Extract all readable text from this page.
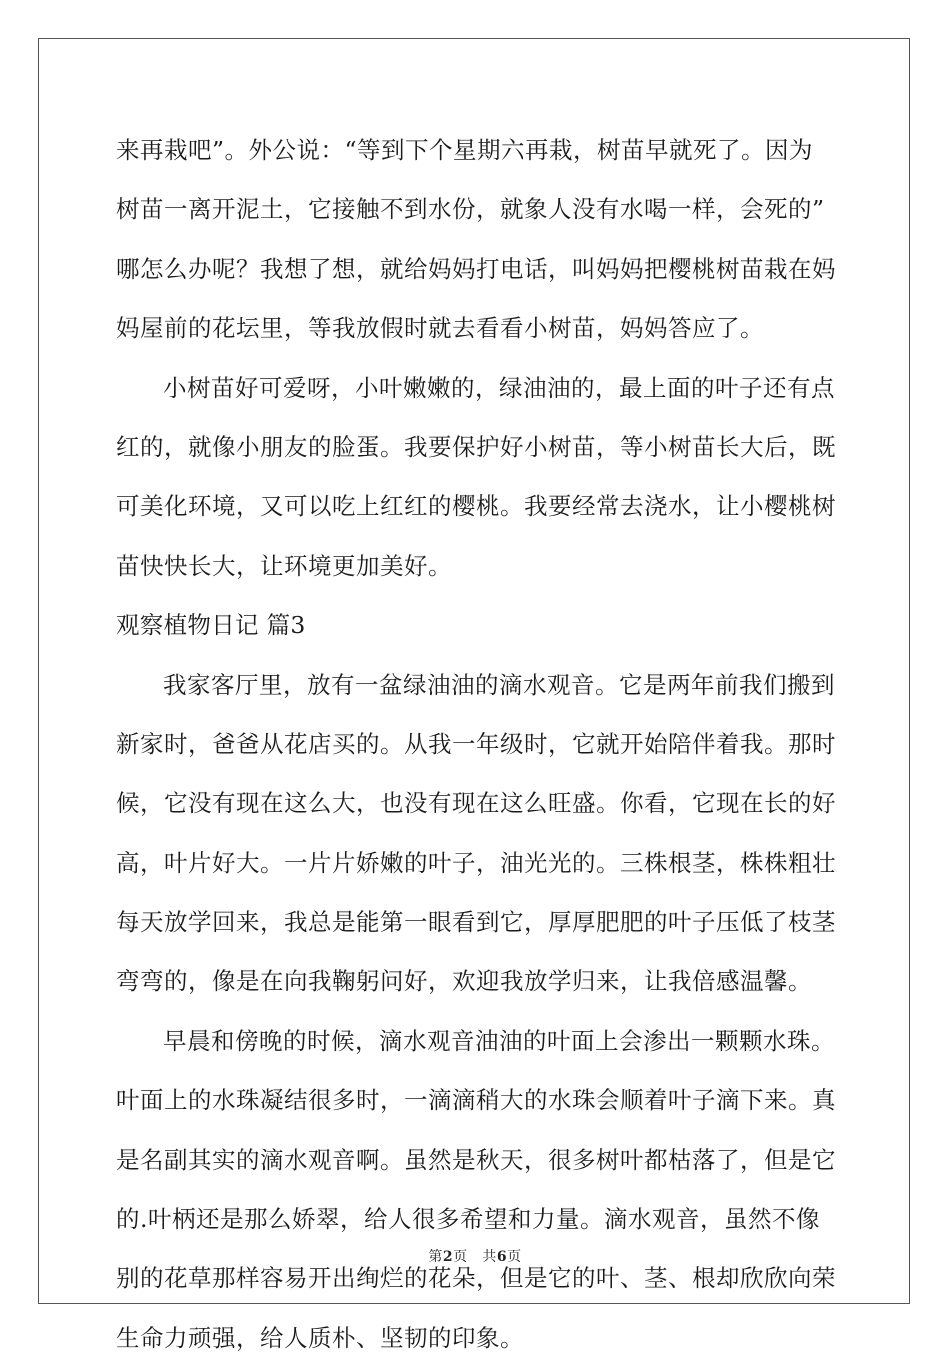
来再栽吧”。外公说：“等到下个星期六再栽，树苗早就死了。因为
树苗一离开泥土，它接触不到水份，就象人没有水喝一样，会死的”
哪怎么办呢？我想了想，就给妈妈打电话，叫妈妈把樱桃树苗栽在妈
妈屋前的花坛里，等我放假时就去看看小树苗，妈妈答应了。
小树苗好可爱呀，小叶嫩嫩的，绿油油的，最上面的叶子还有点
红的，就像小朋友的脸蛋。我要保护好小树苗，等小树苗长大后，既
可美化环境，又可以吃上红红的樱桃。我要经常去浇水，让小樱桃树
苗快快长大，让环境更加美好。
观察植物日记 篇3
我家客厅里，放有一盆绿油油的滴水观音。它是两年前我们搬到
新家时，爸爸从花店买的。从我一年级时，它就开始陪伴着我。那时
候，它没有现在这么大，也没有现在这么旺盛。你看，它现在长的好
高，叶片好大。一片片娇嫩的叶子，油光光的。三株根茎，株株粗壮
每天放学回来，我总是能第一眼看到它，厚厚肥肥的叶子压低了枝茎
弯弯的，像是在向我鞠躬问好，欢迎我放学归来，让我倍感温馨。
早晨和傍晚的时候，滴水观音油油的叶面上会渗出一颗颗水珠。
叶面上的水珠凝结很多时，一滴滴稍大的水珠会顺着叶子滴下来。真
是名副其实的滴水观音啊。虽然是秋天，很多树叶都枯落了，但是它
的.叶柄还是那么娇翠，给人很多希望和力量。滴水观音，虽然不像
别的花草那样容易开出绚烂的花朵，但是它的叶、茎、根却欣欣向荣
生命力顽强，给人质朴、坚韧的印象。
第2页 共6页
